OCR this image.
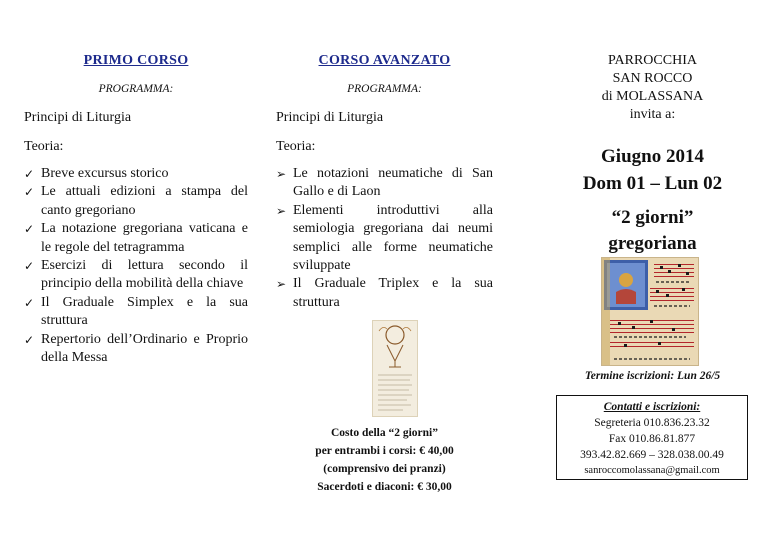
PRIMO CORSO
PROGRAMMA:
Principi di Liturgia
Teoria:
✓ Breve excursus storico
✓ Le attuali edizioni a stampa del canto gregoriano
✓ La notazione gregoriana vaticana e le regole del tetragramma
✓ Esercizi di lettura secondo il principio della mobilità della chiave
✓ Il Graduale Simplex e la sua struttura
✓ Repertorio dell’Ordinario e Proprio della Messa
CORSO AVANZATO
PROGRAMMA:
Principi di Liturgia
Teoria:
➢ Le notazioni neumatiche di San Gallo e di Laon
➢ Elementi introduttivi alla semiologia gregoriana dai neumi semplici alle forme neumatiche sviluppate
➢ Il Graduale Triplex e la sua struttura
Costo della “2 giorni”
per entrambi i corsi: € 40,00
(comprensivo dei pranzi)
Sacerdoti e diaconi: € 30,00
PARROCCHIA
SAN ROCCO
di MOLASSANA
invita a:
Giugno 2014
Dom 01 – Lun 02
“2 giorni”
gregoriana
Termine iscrizioni: Lun 26/5
Contatti e iscrizioni:
Segreteria 010.836.23.32
Fax 010.86.81.877
393.42.82.669 – 328.038.00.49
sanroccomolassana@gmail.com
